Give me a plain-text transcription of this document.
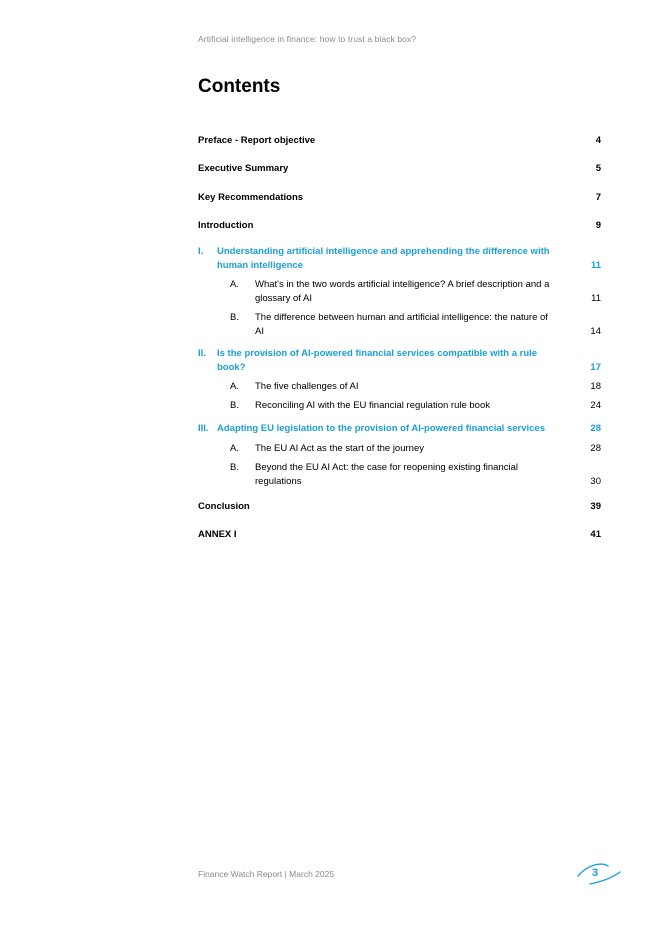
Artificial intelligence in finance: how to trust a black box?
Contents
Preface - Report objective	4
Executive Summary	5
Key Recommendations	7
Introduction	9
I. Understanding artificial intelligence and apprehending the difference with human intelligence	11
A. What's in the two words artificial intelligence? A brief description and a glossary of AI	11
B. The difference between human and artificial intelligence: the nature of AI	14
II. Is the provision of AI-powered financial services compatible with a rule book?	17
A. The five challenges of AI	18
B. Reconciling AI with the EU financial regulation rule book	24
III. Adapting EU legislation to the provision of AI-powered financial services	28
A. The EU AI Act as the start of the journey	28
B. Beyond the EU AI Act: the case for reopening existing financial regulations	30
Conclusion	39
ANNEX I	41
Finance Watch Report | March 2025	3
